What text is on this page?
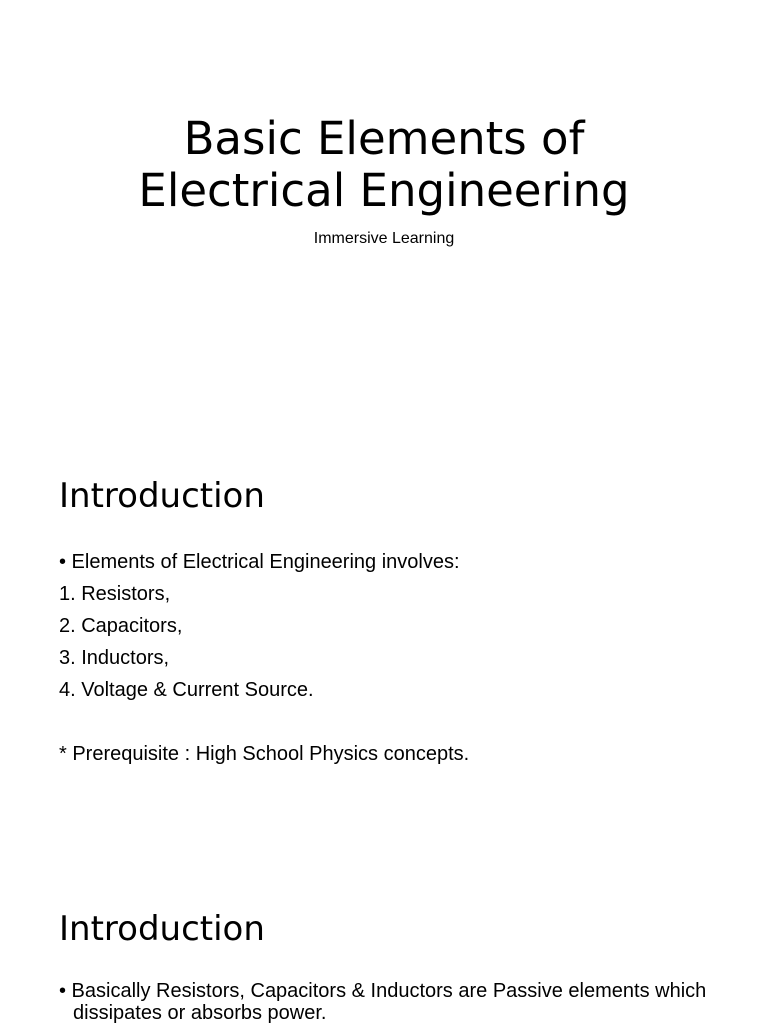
Basic Elements of
Electrical Engineering
Immersive Learning
Introduction
• Elements of Electrical Engineering involves:
1. Resistors,
2. Capacitors,
3. Inductors,
4. Voltage & Current Source.
* Prerequisite : High School Physics concepts.
Introduction
• Basically Resistors, Capacitors & Inductors are Passive elements which dissipates or absorbs power.
